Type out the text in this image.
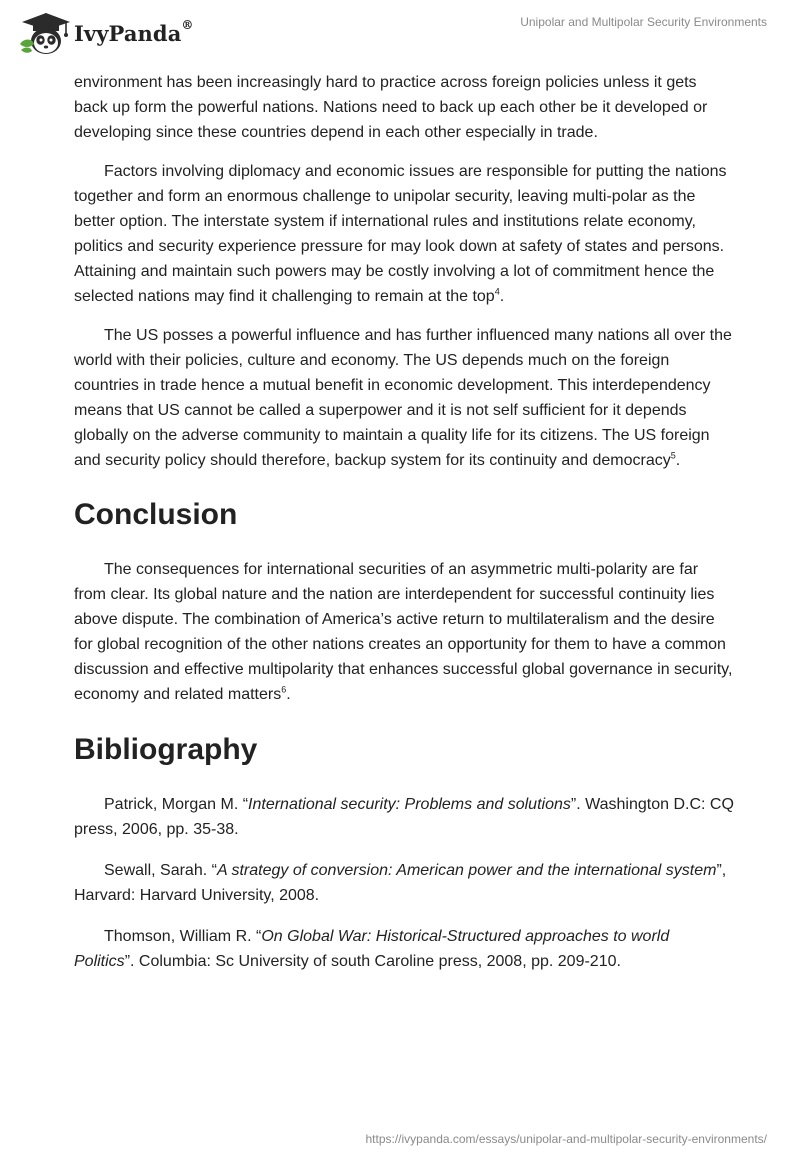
IvyPanda®	Unipolar and Multipolar Security Environments

environment has been increasingly hard to practice across foreign policies unless it gets back up form the powerful nations. Nations need to back up each other be it developed or developing since these countries depend in each other especially in trade.

Factors involving diplomacy and economic issues are responsible for putting the nations together and form an enormous challenge to unipolar security, leaving multi-polar as the better option. The interstate system if international rules and institutions relate economy, politics and security experience pressure for may look down at safety of states and persons. Attaining and maintain such powers may be costly involving a lot of commitment hence the selected nations may find it challenging to remain at the top$^4$.

The US posses a powerful influence and has further influenced many nations all over the world with their policies, culture and economy. The US depends much on the foreign countries in trade hence a mutual benefit in economic development. This interdependency means that US cannot be called a superpower and it is not self sufficient for it depends globally on the adverse community to maintain a quality life for its citizens. The US foreign and security policy should therefore, backup system for its continuity and democracy$^5$.

Conclusion

The consequences for international securities of an asymmetric multi-polarity are far from clear. Its global nature and the nation are interdependent for successful continuity lies above dispute. The combination of America’s active return to multilateralism and the desire for global recognition of the other nations creates an opportunity for them to have a common discussion and effective multipolarity that enhances successful global governance in security, economy and related matters$^6$.

Bibliography

Patrick, Morgan M. “International security: Problems and solutions”. Washington D.C: CQ press, 2006, pp. 35-38.

Sewall, Sarah. “A strategy of conversion: American power and the international system”, Harvard: Harvard University, 2008.

Thomson, William R. “On Global War: Historical-Structured approaches to world Politics”. Columbia: Sc University of south Caroline press, 2008, pp. 209-210.

https://ivypanda.com/essays/unipolar-and-multipolar-security-environments/
